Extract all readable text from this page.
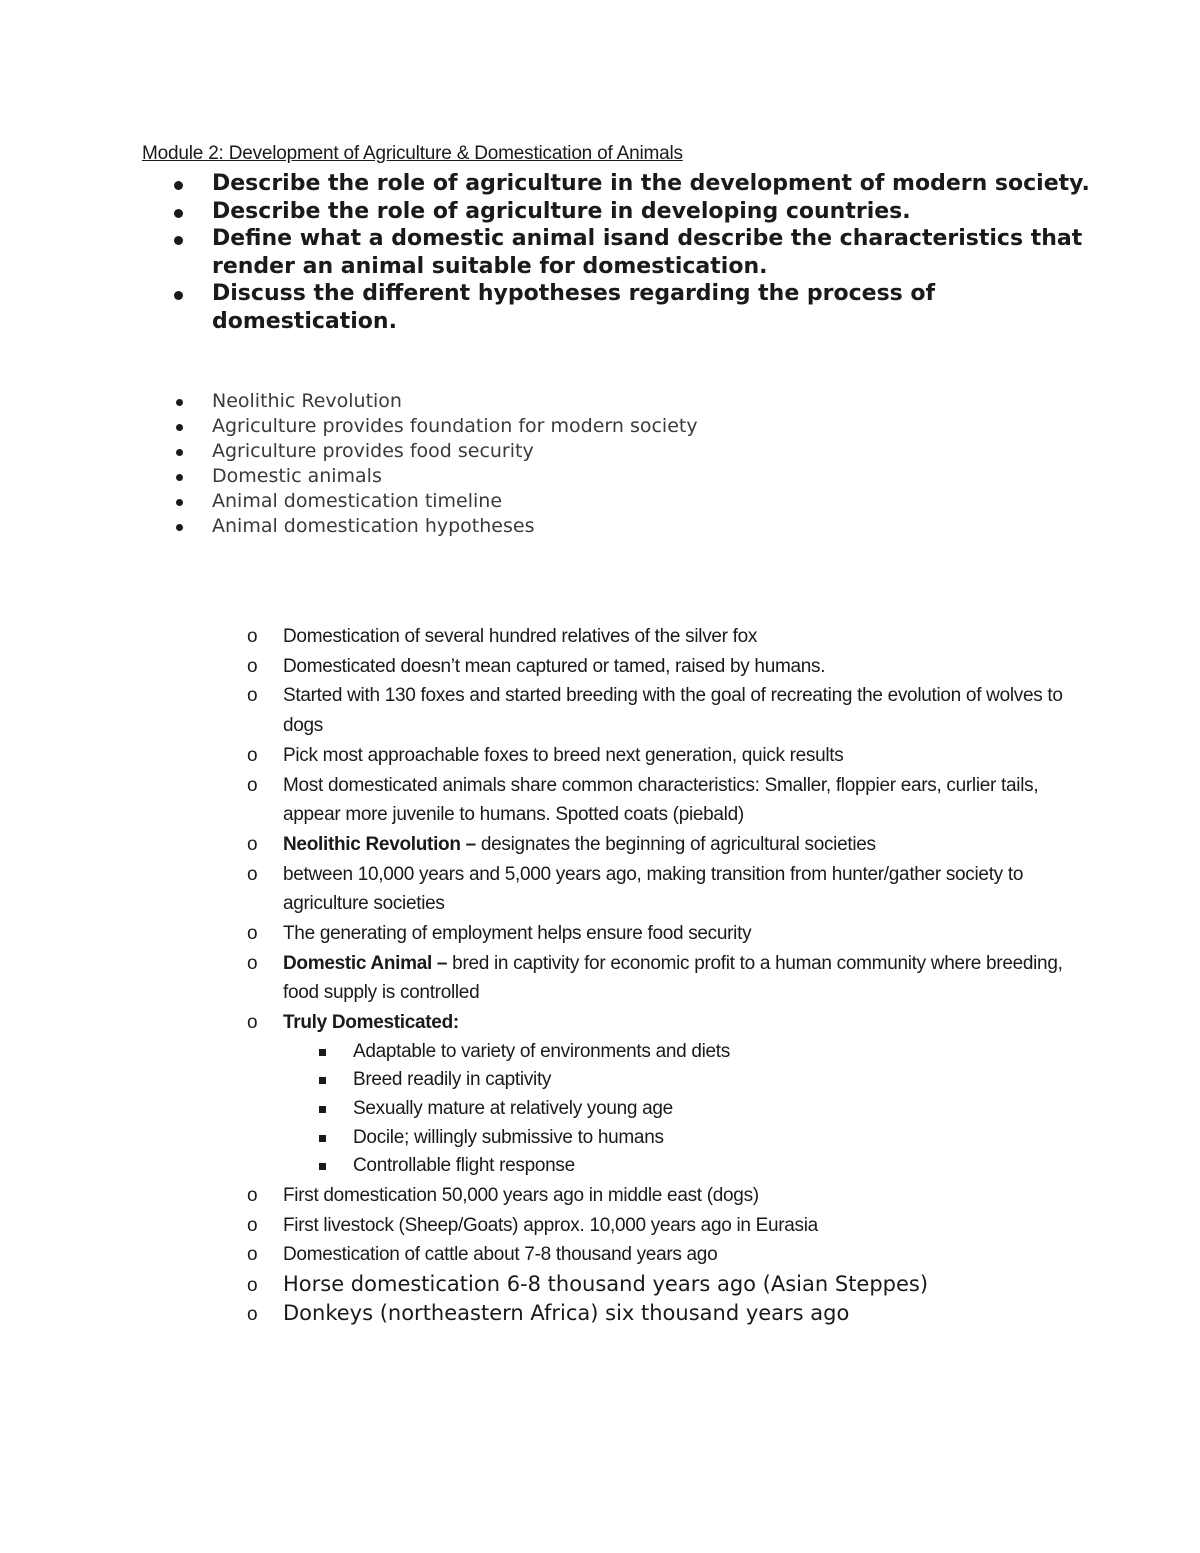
Module 2: Development of Agriculture & Domestication of Animals
Describe the role of agriculture in the development of modern society.
Describe the role of agriculture in developing countries.
Define what a domestic animal isand describe the characteristics that render an animal suitable for domestication.
Discuss the different hypotheses regarding the process of domestication.
Neolithic Revolution
Agriculture provides foundation for modern society
Agriculture provides food security
Domestic animals
Animal domestication timeline
Animal domestication hypotheses
o Domestication of several hundred relatives of the silver fox
o Domesticated doesn’t mean captured or tamed, raised by humans.
o Started with 130 foxes and started breeding with the goal of recreating the evolution of wolves to dogs
o Pick most approachable foxes to breed next generation, quick results
o Most domesticated animals share common characteristics: Smaller, floppier ears, curlier tails, appear more juvenile to humans. Spotted coats (piebald)
o Neolithic Revolution – designates the beginning of agricultural societies
o between 10,000 years and 5,000 years ago, making transition from hunter/gather society to agriculture societies
o The generating of employment helps ensure food security
o Domestic Animal – bred in captivity for economic profit to a human community where breeding, food supply is controlled
o Truly Domesticated:
Adaptable to variety of environments and diets
Breed readily in captivity
Sexually mature at relatively young age
Docile; willingly submissive to humans
Controllable flight response
o First domestication 50,000 years ago in middle east (dogs)
o First livestock (Sheep/Goats) approx. 10,000 years ago in Eurasia
o Domestication of cattle about 7-8 thousand years ago
o Horse domestication 6-8 thousand years ago (Asian Steppes)
o Donkeys (northeastern Africa) six thousand years ago
